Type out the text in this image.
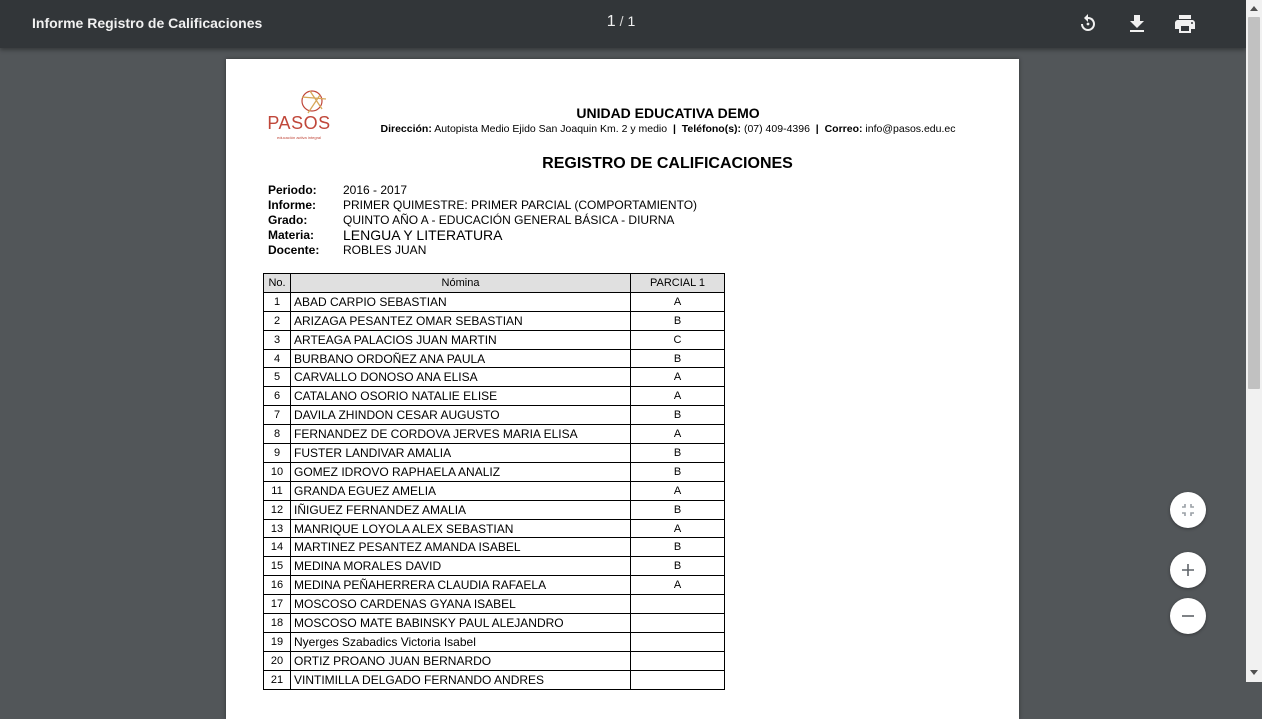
Informe Registro de Calificaciones	1 / 1
PASOS
educación activa integral
UNIDAD EDUCATIVA DEMO
Dirección: Autopista Medio Ejido San Joaquin Km. 2 y medio | Teléfono(s): (07) 409-4396 | Correo: info@pasos.edu.ec
REGISTRO DE CALIFICACIONES
Periodo: 2016 - 2017
Informe: PRIMER QUIMESTRE: PRIMER PARCIAL (COMPORTAMIENTO)
Grado:	QUINTO AÑO A - EDUCACIÓN GENERAL BÁSICA - DIURNA
Materia: LENGUA Y LITERATURA
Docente: ROBLES JUAN
No.	Nómina	PARCIAL 1
1	ABAD CARPIO SEBASTIAN	A
2	ARIZAGA PESANTEZ OMAR SEBASTIAN	B
3	ARTEAGA PALACIOS JUAN MARTIN	C
4	BURBANO ORDOÑEZ ANA PAULA	B
5	CARVALLO DONOSO ANA ELISA	A
6	CATALANO OSORIO NATALIE ELISE	A
7	DAVILA ZHINDON CESAR AUGUSTO	B
8	FERNANDEZ DE CORDOVA JERVES MARIA ELISA	A
9	FUSTER LANDIVAR AMALIA	B
10	GOMEZ IDROVO RAPHAELA ANALIZ	B
11	GRANDA EGUEZ AMELIA	A
12	IÑIGUEZ FERNANDEZ AMALIA	B
13	MANRIQUE LOYOLA ALEX SEBASTIAN	A
14	MARTINEZ PESANTEZ AMANDA ISABEL	B
15	MEDINA MORALES DAVID	B
16	MEDINA PEÑAHERRERA CLAUDIA RAFAELA	A
17	MOSCOSO CARDENAS GYANA ISABEL	
18	MOSCOSO MATE BABINSKY PAUL ALEJANDRO	
19	Nyerges Szabadics Victoria Isabel	
20	ORTIZ PROANO JUAN BERNARDO	
21	VINTIMILLA DELGADO FERNANDO ANDRES	
